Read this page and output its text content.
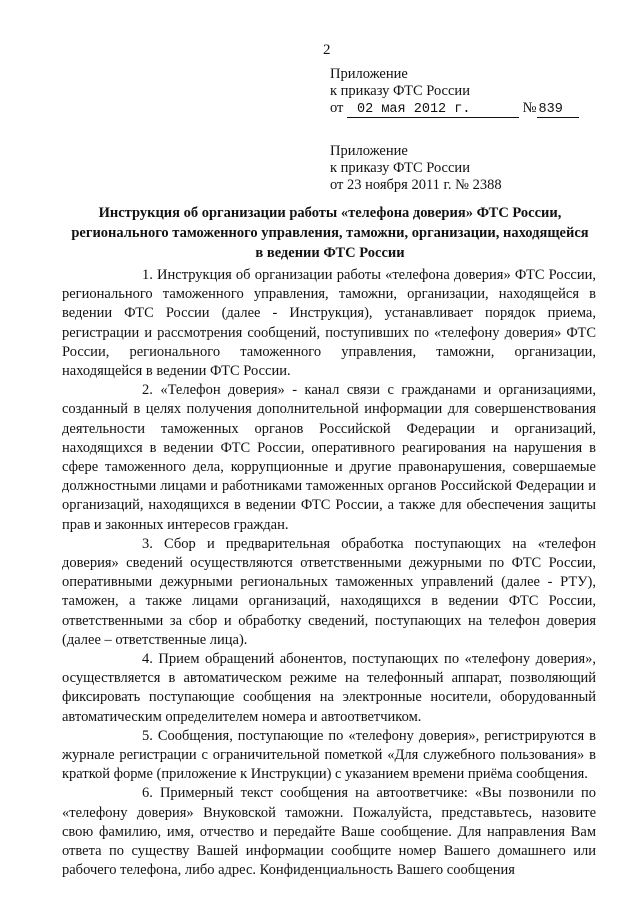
2
Приложение
к приказу ФТС России
от 02 мая 2012 г.	№ 839
Приложение
к приказу ФТС России
от 23 ноября 2011 г. № 2388
Инструкция об организации работы «телефона доверия» ФТС России, регионального таможенного управления, таможни, организации, находящейся в ведении ФТС России

1. Инструкция об организации работы «телефона доверия» ФТС России, регионального таможенного управления, таможни, организации, находящейся в ведении ФТС России (далее - Инструкция), устанавливает порядок приема, регистрации и рассмотрения сообщений, поступивших по «телефону доверия» ФТС России, регионального таможенного управления, таможни, организации, находящейся в ведении ФТС России.

2. «Телефон доверия» - канал связи с гражданами и организациями, созданный в целях получения дополнительной информации для совершенствования деятельности таможенных органов Российской Федерации и организаций, находящихся в ведении ФТС России, оперативного реагирования на нарушения в сфере таможенного дела, коррупционные и другие правонарушения, совершаемые должностными лицами и работниками таможенных органов Российской Федерации и организаций, находящихся в ведении ФТС России, а также для обеспечения защиты прав и законных интересов граждан.

3. Сбор и предварительная обработка поступающих на «телефон доверия» сведений осуществляются ответственными дежурными по ФТС России, оперативными дежурными региональных таможенных управлений (далее - РТУ), таможен, а также лицами организаций, находящихся в ведении ФТС России, ответственными за сбор и обработку сведений, поступающих на телефон доверия (далее – ответственные лица).

4. Прием обращений абонентов, поступающих по «телефону доверия», осуществляется в автоматическом режиме на телефонный аппарат, позволяющий фиксировать поступающие сообщения на электронные носители, оборудованный автоматическим определителем номера и автоответчиком.

5. Сообщения, поступающие по «телефону доверия», регистрируются в журнале регистрации с ограничительной пометкой «Для служебного пользования» в краткой форме (приложение к Инструкции) с указанием времени приёма сообщения.

6. Примерный текст сообщения на автоответчике: «Вы позвонили по «телефону доверия» Внуковской таможни. Пожалуйста, представьтесь, назовите свою фамилию, имя, отчество и передайте Ваше сообщение. Для направления Вам ответа по существу Вашей информации сообщите номер Вашего домашнего или рабочего телефона, либо адрес. Конфиденциальность Вашего сообщения
